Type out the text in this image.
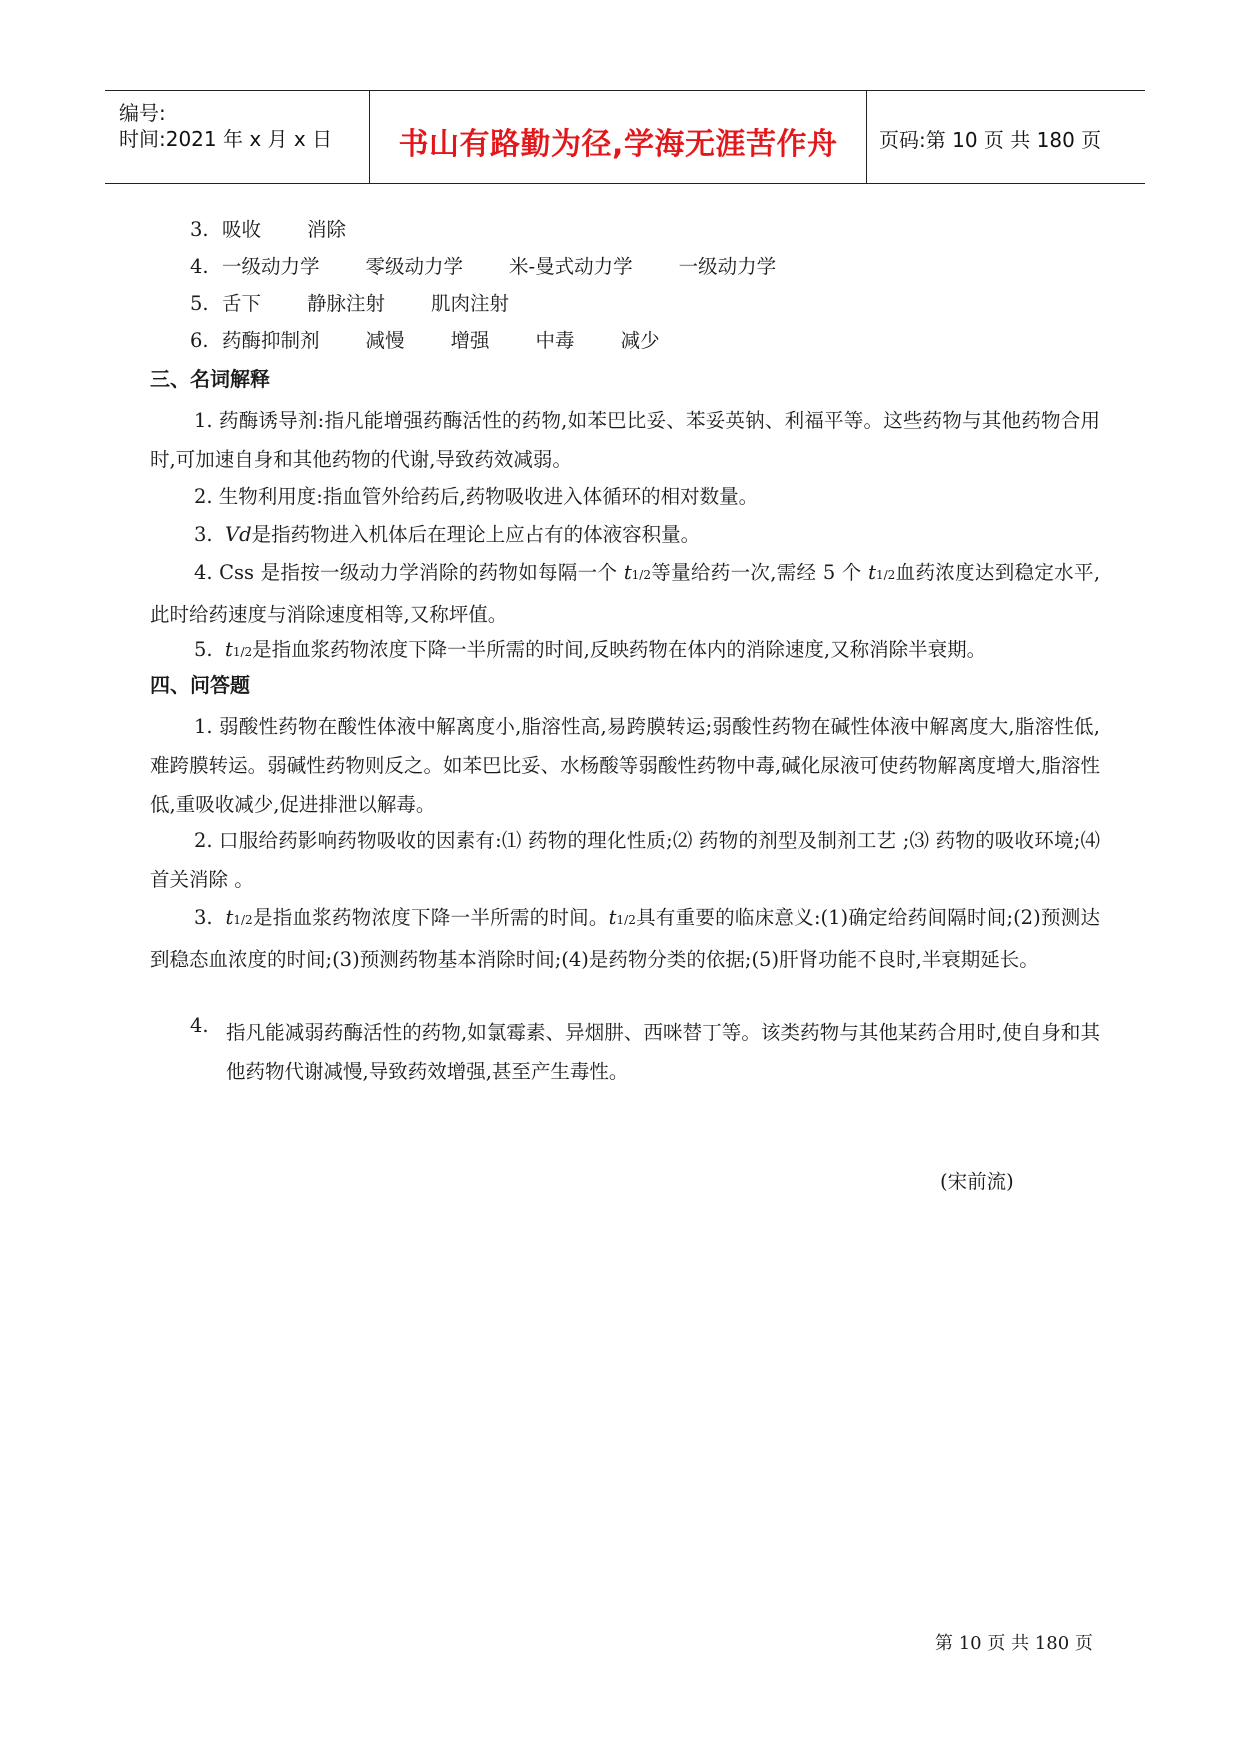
编号:
时间:2021 年 x 月 x 日	书山有路勤为径,学海无涯苦作舟	页码:第 10 页 共 180 页
3. 吸收 消除
4. 一级动力学 零级动力学 米-曼式动力学 一级动力学
5. 舌下 静脉注射 肌肉注射
6. 药酶抑制剂 减慢 增强 中毒 减少
三、名词解释
1. 药酶诱导剂:指凡能增强药酶活性的药物,如苯巴比妥、苯妥英钠、利福平等。这些药物与其他药物合用时,可加速自身和其他药物的代谢,导致药效减弱。
2. 生物利用度:指血管外给药后,药物吸收进入体循环的相对数量。
3. Vd是指药物进入机体后在理论上应占有的体液容积量。
4. Css 是指按一级动力学消除的药物如每隔一个 t1/2等量给药一次,需经 5 个 t1/2血药浓度达到稳定水平,此时给药速度与消除速度相等,又称坪值。
5. t1/2是指血浆药物浓度下降一半所需的时间,反映药物在体内的消除速度,又称消除半衰期。
四、问答题
1. 弱酸性药物在酸性体液中解离度小,脂溶性高,易跨膜转运;弱酸性药物在碱性体液中解离度大,脂溶性低,难跨膜转运。弱碱性药物则反之。如苯巴比妥、水杨酸等弱酸性药物中毒,碱化尿液可使药物解离度增大,脂溶性低,重吸收减少,促进排泄以解毒。
2. 口服给药影响药物吸收的因素有:⑴ 药物的理化性质;⑵ 药物的剂型及制剂工艺 ;⑶ 药物的吸收环境;⑷ 首关消除 。
3. t1/2是指血浆药物浓度下降一半所需的时间。t1/2具有重要的临床意义:(1)确定给药间隔时间;(2)预测达到稳态血浓度的时间;(3)预测药物基本消除时间;(4)是药物分类的依据;(5)肝肾功能不良时,半衰期延长。
4. 指凡能减弱药酶活性的药物,如氯霉素、异烟肼、西咪替丁等。该类药物与其他某药合用时,使自身和其他药物代谢减慢,导致药效增强,甚至产生毒性。
(宋前流)
第 10 页 共 180 页
